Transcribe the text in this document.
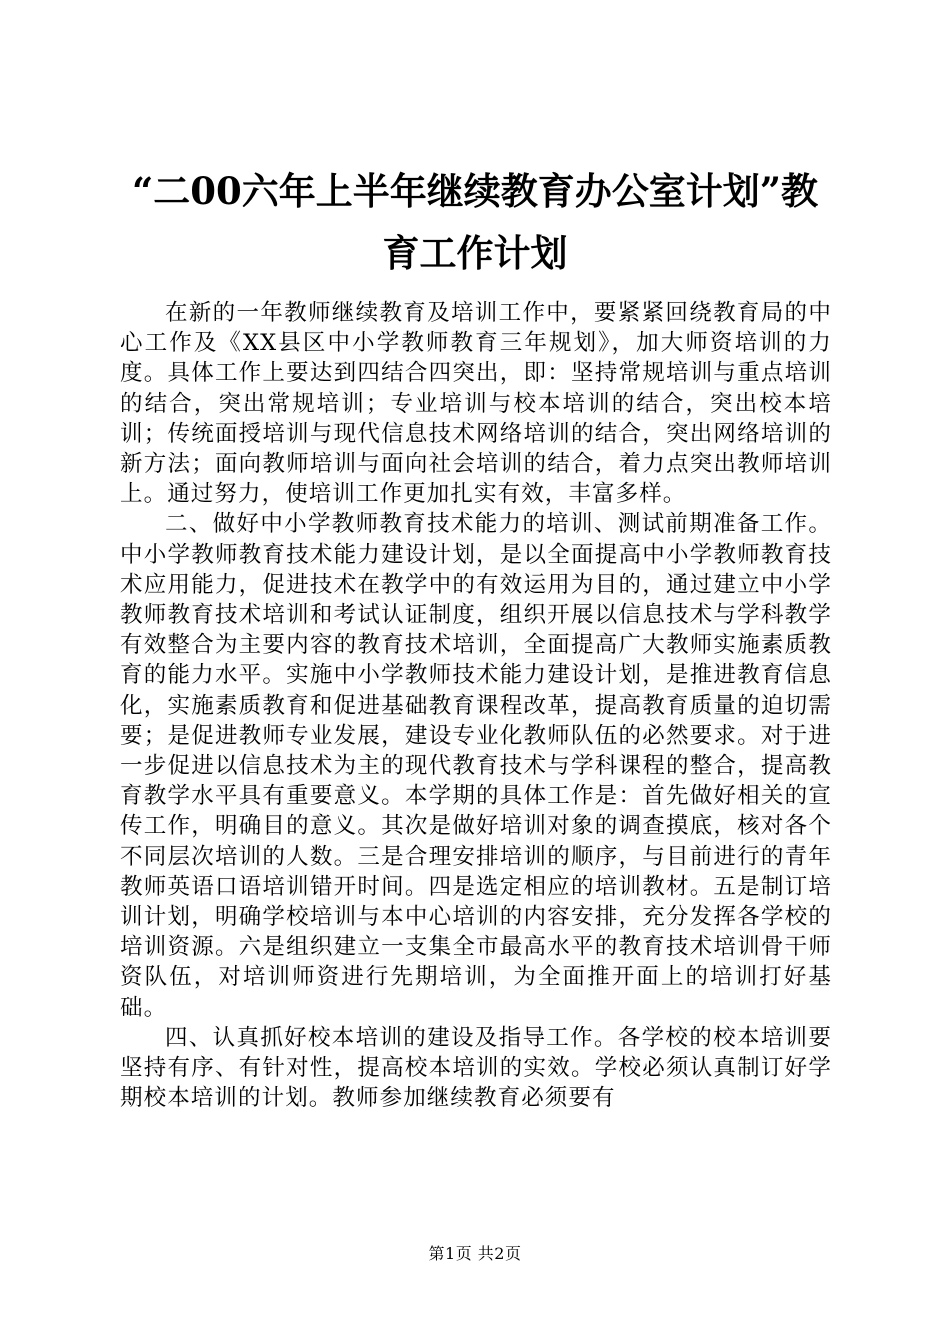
“二00六年上半年继续教育办公室计划”教育工作计划

在新的一年教师继续教育及培训工作中，要紧紧回绕教育局的中心工作及《XX县区中小学教师教育三年规划》，加大师资培训的力度。具体工作上要达到四结合四突出，即：坚持常规培训与重点培训的结合，突出常规培训；专业培训与校本培训的结合，突出校本培训；传统面授培训与现代信息技术网络培训的结合，突出网络培训的新方法；面向教师培训与面向社会培训的结合，着力点突出教师培训上。通过努力，使培训工作更加扎实有效，丰富多样。

二、做好中小学教师教育技术能力的培训、测试前期准备工作。中小学教师教育技术能力建设计划，是以全面提高中小学教师教育技术应用能力，促进技术在教学中的有效运用为目的，通过建立中小学教师教育技术培训和考试认证制度，组织开展以信息技术与学科教学有效整合为主要内容的教育技术培训，全面提高广大教师实施素质教育的能力水平。实施中小学教师技术能力建设计划，是推进教育信息化，实施素质教育和促进基础教育课程改革，提高教育质量的迫切需要；是促进教师专业发展，建设专业化教师队伍的必然要求。对于进一步促进以信息技术为主的现代教育技术与学科课程的整合，提高教育教学水平具有重要意义。本学期的具体工作是：首先做好相关的宣传工作，明确目的意义。其次是做好培训对象的调查摸底，核对各个不同层次培训的人数。三是合理安排培训的顺序，与目前进行的青年教师英语口语培训错开时间。四是选定相应的培训教材。五是制订培训计划，明确学校培训与本中心培训的内容安排，充分发挥各学校的培训资源。六是组织建立一支集全市最高水平的教育技术培训骨干师资队伍，对培训师资进行先期培训，为全面推开面上的培训打好基础。

四、认真抓好校本培训的建设及指导工作。各学校的校本培训要坚持有序、有针对性，提高校本培训的实效。学校必须认真制订好学期校本培训的计划。教师参加继续教育必须要有

第1页 共2页
